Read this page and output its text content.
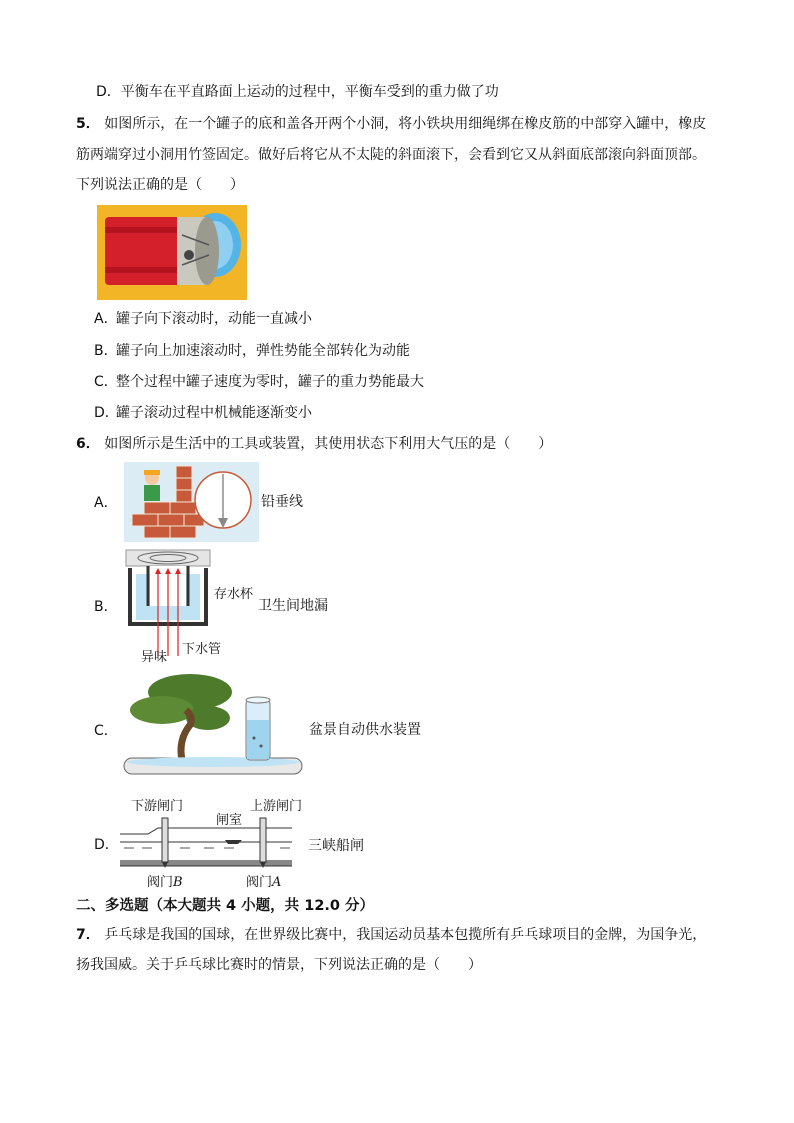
D．平衡车在平直路面上运动的过程中，平衡车受到的重力做了功
5． 如图所示，在一个罐子的底和盖各开两个小洞，将小铁块用细绳绑在橡皮筋的中部穿入罐中，橡皮
筋两端穿过小洞用竹签固定。做好后将它从不太陡的斜面滚下，会看到它又从斜面底部滚向斜面顶部。
下列说法正确的是（　　）
A．罐子向下滚动时，动能一直减小
B．罐子向上加速滚动时，弹性势能全部转化为动能
C．整个过程中罐子速度为零时，罐子的重力势能最大
D．罐子滚动过程中机械能逐渐变小
6． 如图所示是生活中的工具或装置，其使用状态下利用大气压的是（　　）
A．	铅垂线
B．
存水杯
卫生间地漏
下水管
异味
C．	盆景自动供水装置
下游闸门	上游闸门
闸室
D．	三峡船闸
阀门B	阀门A
二、多选题（本大题共 4 小题，共 12.0 分）
7． 乒乓球是我国的国球，在世界级比赛中，我国运动员基本包揽所有乒乓球项目的金牌，为国争光，
扬我国威。关于乒乓球比赛时的情景，下列说法正确的是（　　）
